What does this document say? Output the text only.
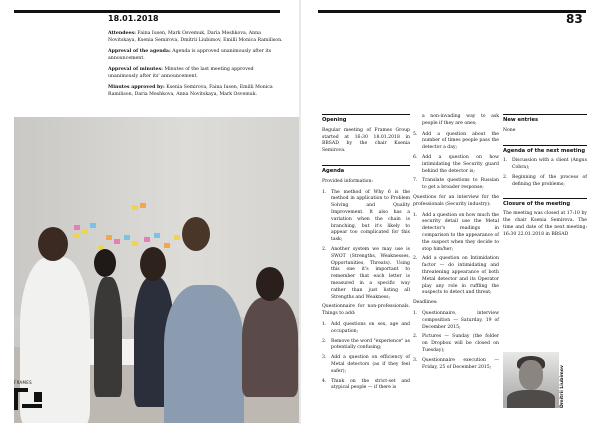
18.01.2018

Attendees: Faina Iusen, Mark Osvemuk, Daria Meshkova, Anna Novitskaya, Ksenia Semirova, Dmitrii Liubimov, Emilli Monica Ramilison.

Approval of the agenda: Agenda is approved unanimously after its announcement.

Approval of minutes: Minutes of the last meeting approved unanimously after its' announcement.

Minutes approved by: Ksenia Semirova, Faina Iusen, Emilli Monica Ramilison, Daria Meshkova, Anna Novitskaya, Mark Osvemuk.

FRAMES
83
Opening

Regular meeting of Frames Group started at 16:30 18.01.2018 in BBSAD by the chair Ksenia Semirova.

Agenda

Provided information:

1. The method of Why 6 is the method in application to Problem Solving and Quality Improvement. It also has a variation when the chain is branching, but it's likely to appear too complicated for this task;
2. Another system we may use is SWOT (Strengths, Weaknesses, Opportunities, Threats). Using this one it's important to remember that each letter is measured in a specific way rather than just listing all Strengths and Weakness;

Questionnaire for non-professionals. Things to add:

1. Add questions on sex, age and occupation;
2. Remove the word "experience" as potentially confusing;
3. Add a question on efficiency of Metal detectors (as if they feel safer);
4. Think on the strict-set and atypical people — if there is

a non-invading way to ask people if they are ones;

5. Add a question about the number of times people pass the detector a day;
6. Add a question on how intimidating the Security guard behind the detector is;
7. Translate questions to Russian to get a broader response;

Questions for an interview for the professionals (Security industry):

1. Add a question on how much the security detail use the Metal detector's readings in comparison to the appearance of the suspect when they decide to stop him/her;
2. Add a question on Intimidation factor — do intimidating and threatening appearance of both Metal detector and its Operator play any role in ruffling the suspects to detect and threat;

Deadlines:

1. Questionnaire, interview composition — Saturday, 19 of December 2015;
2. Pictures — Sunday (the folder on Dropbox will be closed on Tuesday);
3. Questionnaire execution — Friday, 25 of December 2015;
New entries

None

Agenda of the next meeting
1. Discussion with a client (Angus Cobra);
2. Beginning of the process of defining the problems;
Closure of the meeting

The meeting was closed at 17:10 by the chair Ksenia Semirova. The time and date of the next meeting: 16:30 22.01.2018 in BBSAD

Dmitrii Liubimov
